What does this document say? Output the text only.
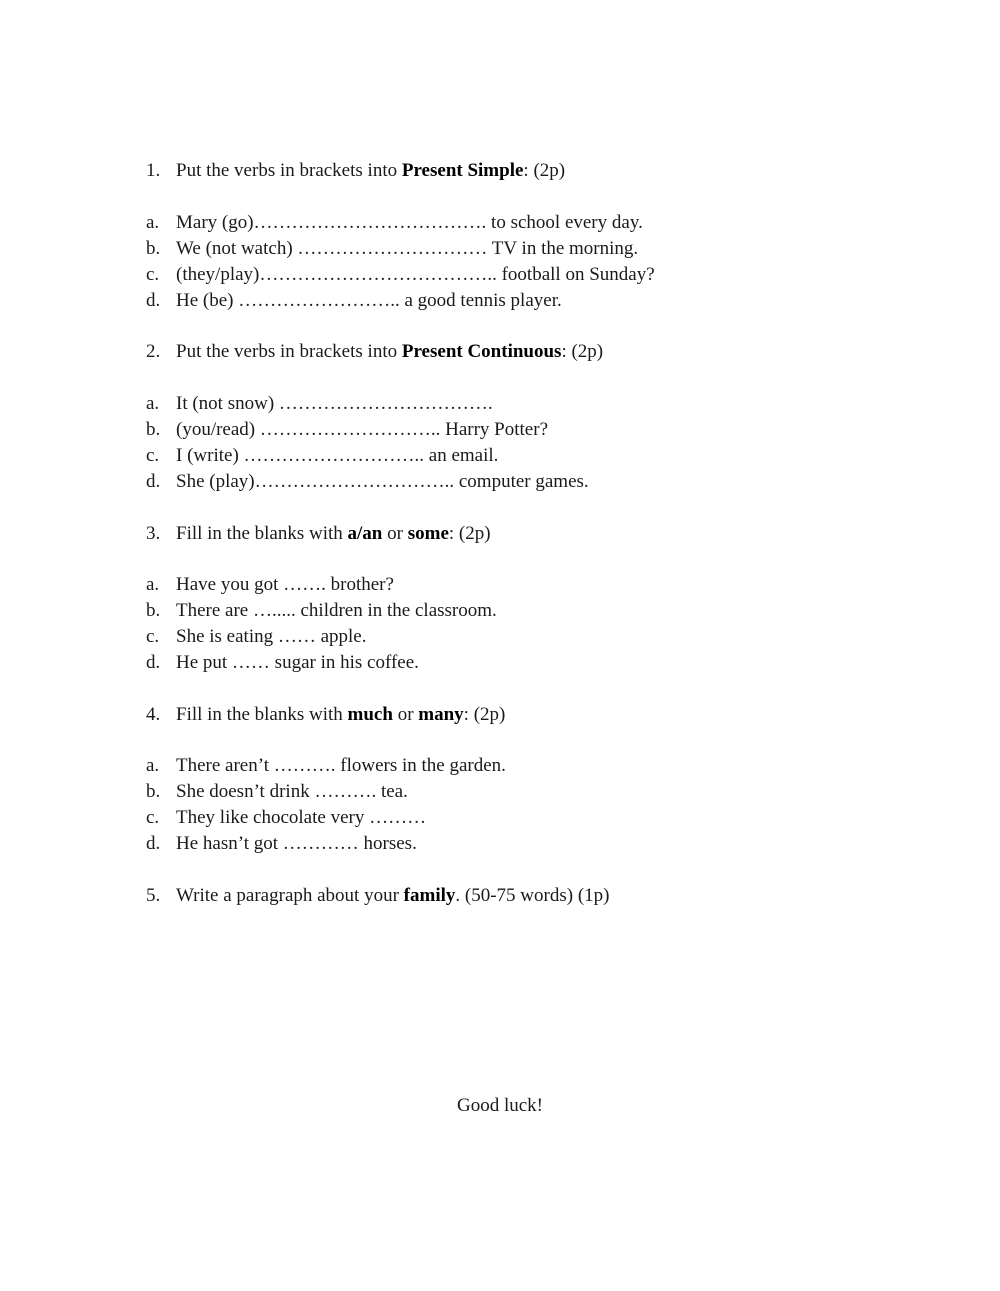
1. Put the verbs in brackets into Present Simple: (2p)
a. Mary (go)………………………………. to school every day.
b. We (not watch) ………………………… TV in the morning.
c. (they/play)……………………………….. football on Sunday?
d. He (be) …………………….. a good tennis player.
2. Put the verbs in brackets into Present Continuous: (2p)
a. It (not snow) …………………………….
b. (you/read) ……………………….. Harry Potter?
c. I (write) ……………………….. an email.
d. She (play)………………………….. computer games.
3. Fill in the blanks with a/an or some: (2p)
a. Have you got ……. brother?
b. There are …..... children in the classroom.
c. She is eating …… apple.
d. He put …… sugar in his coffee.
4. Fill in the blanks with much or many: (2p)
a. There aren’t ………. flowers in the garden.
b. She doesn’t drink ………. tea.
c. They like chocolate very ………
d. He hasn’t got ………… horses.
5. Write a paragraph about your family. (50-75 words) (1p)
Good luck!
